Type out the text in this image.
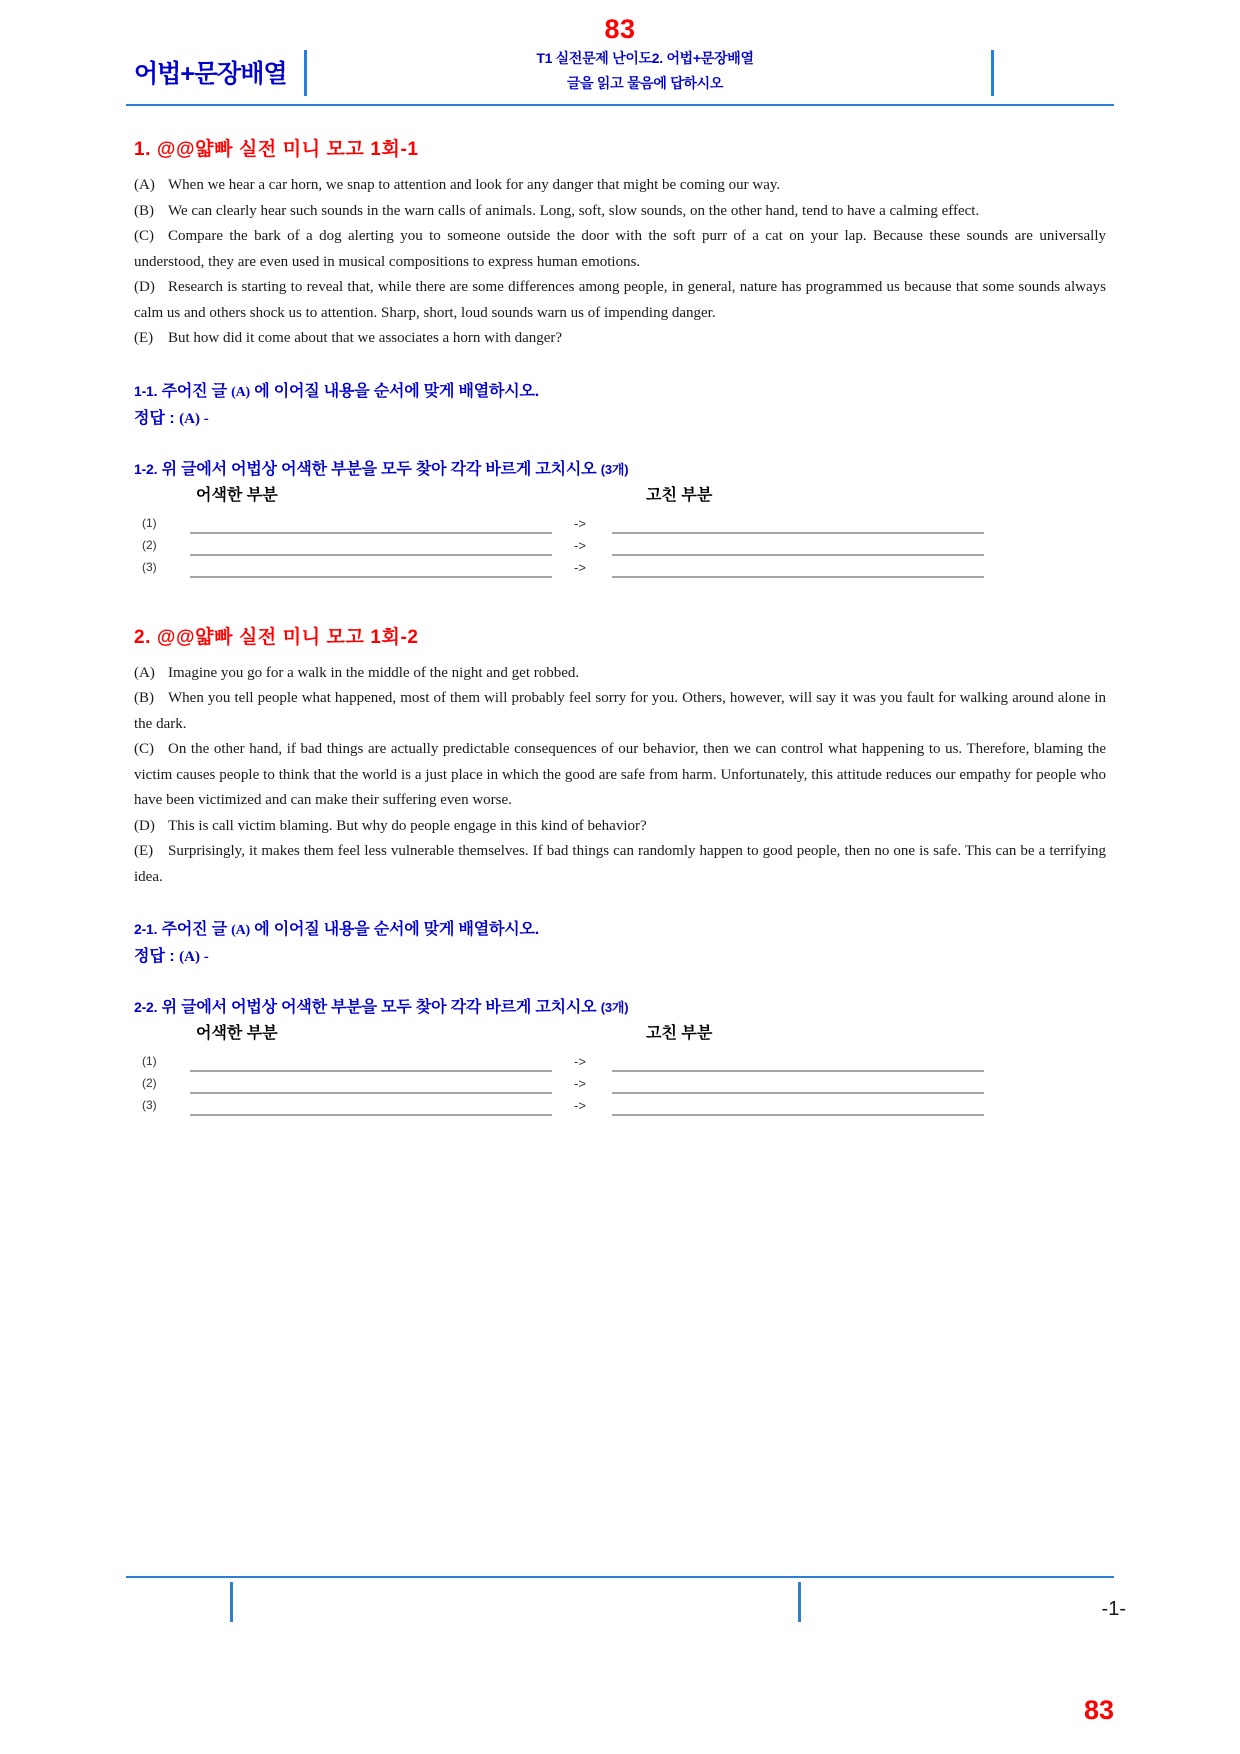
83
어법+문장배열
T1 실전문제 난이도2. 어법+문장배열
글을 읽고 물음에 답하시오
1. @@얇빠 실전 미니 모고 1회-1

(A) When we hear a car horn, we snap to attention and look for any danger that might be coming our way.

(B) We can clearly hear such sounds in the warn calls of animals. Long, soft, slow sounds, on the other hand, tend to have a calming effect.

(C) Compare the bark of a dog alerting you to someone outside the door with the soft purr of a cat on your lap. Because these sounds are universally understood, they are even used in musical compositions to express human emotions.

(D) Research is starting to reveal that, while there are some differences among people, in general, nature has programmed us because that some sounds always calm us and others shock us to attention. Sharp, short, loud sounds warn us of impending danger.

(E) But how did it come about that we associates a horn with danger?

1-1. 주어진 글 (A) 에 이어질 내용을 순서에 맞게 배열하시오.
정답 : (A) -
1-2. 위 글에서 어법상 어색한 부분을 모두 찾아 각각 바르게 고치시오 (3개)
어색한 부분	고친 부분
(1)	->
(2)	->
(3)	->
2. @@얇빠 실전 미니 모고 1회-2

(A) Imagine you go for a walk in the middle of the night and get robbed.

(B) When you tell people what happened, most of them will probably feel sorry for you. Others, however, will say it was you fault for walking around alone in the dark.

(C) On the other hand, if bad things are actually predictable consequences of our behavior, then we can control what happening to us. Therefore, blaming the victim causes people to think that the world is a just place in which the good are safe from harm. Unfortunately, this attitude reduces our empathy for people who have been victimized and can make their suffering even worse.

(D) This is call victim blaming. But why do people engage in this kind of behavior?

(E) Surprisingly, it makes them feel less vulnerable themselves. If bad things can randomly happen to good people, then no one is safe. This can be a terrifying idea.

2-1. 주어진 글 (A) 에 이어질 내용을 순서에 맞게 배열하시오.
정답 : (A) -
2-2. 위 글에서 어법상 어색한 부분을 모두 찾아 각각 바르게 고치시오 (3개)
어색한 부분	고친 부분
(1)	->
(2)	->
(3)	->
-1-
83
